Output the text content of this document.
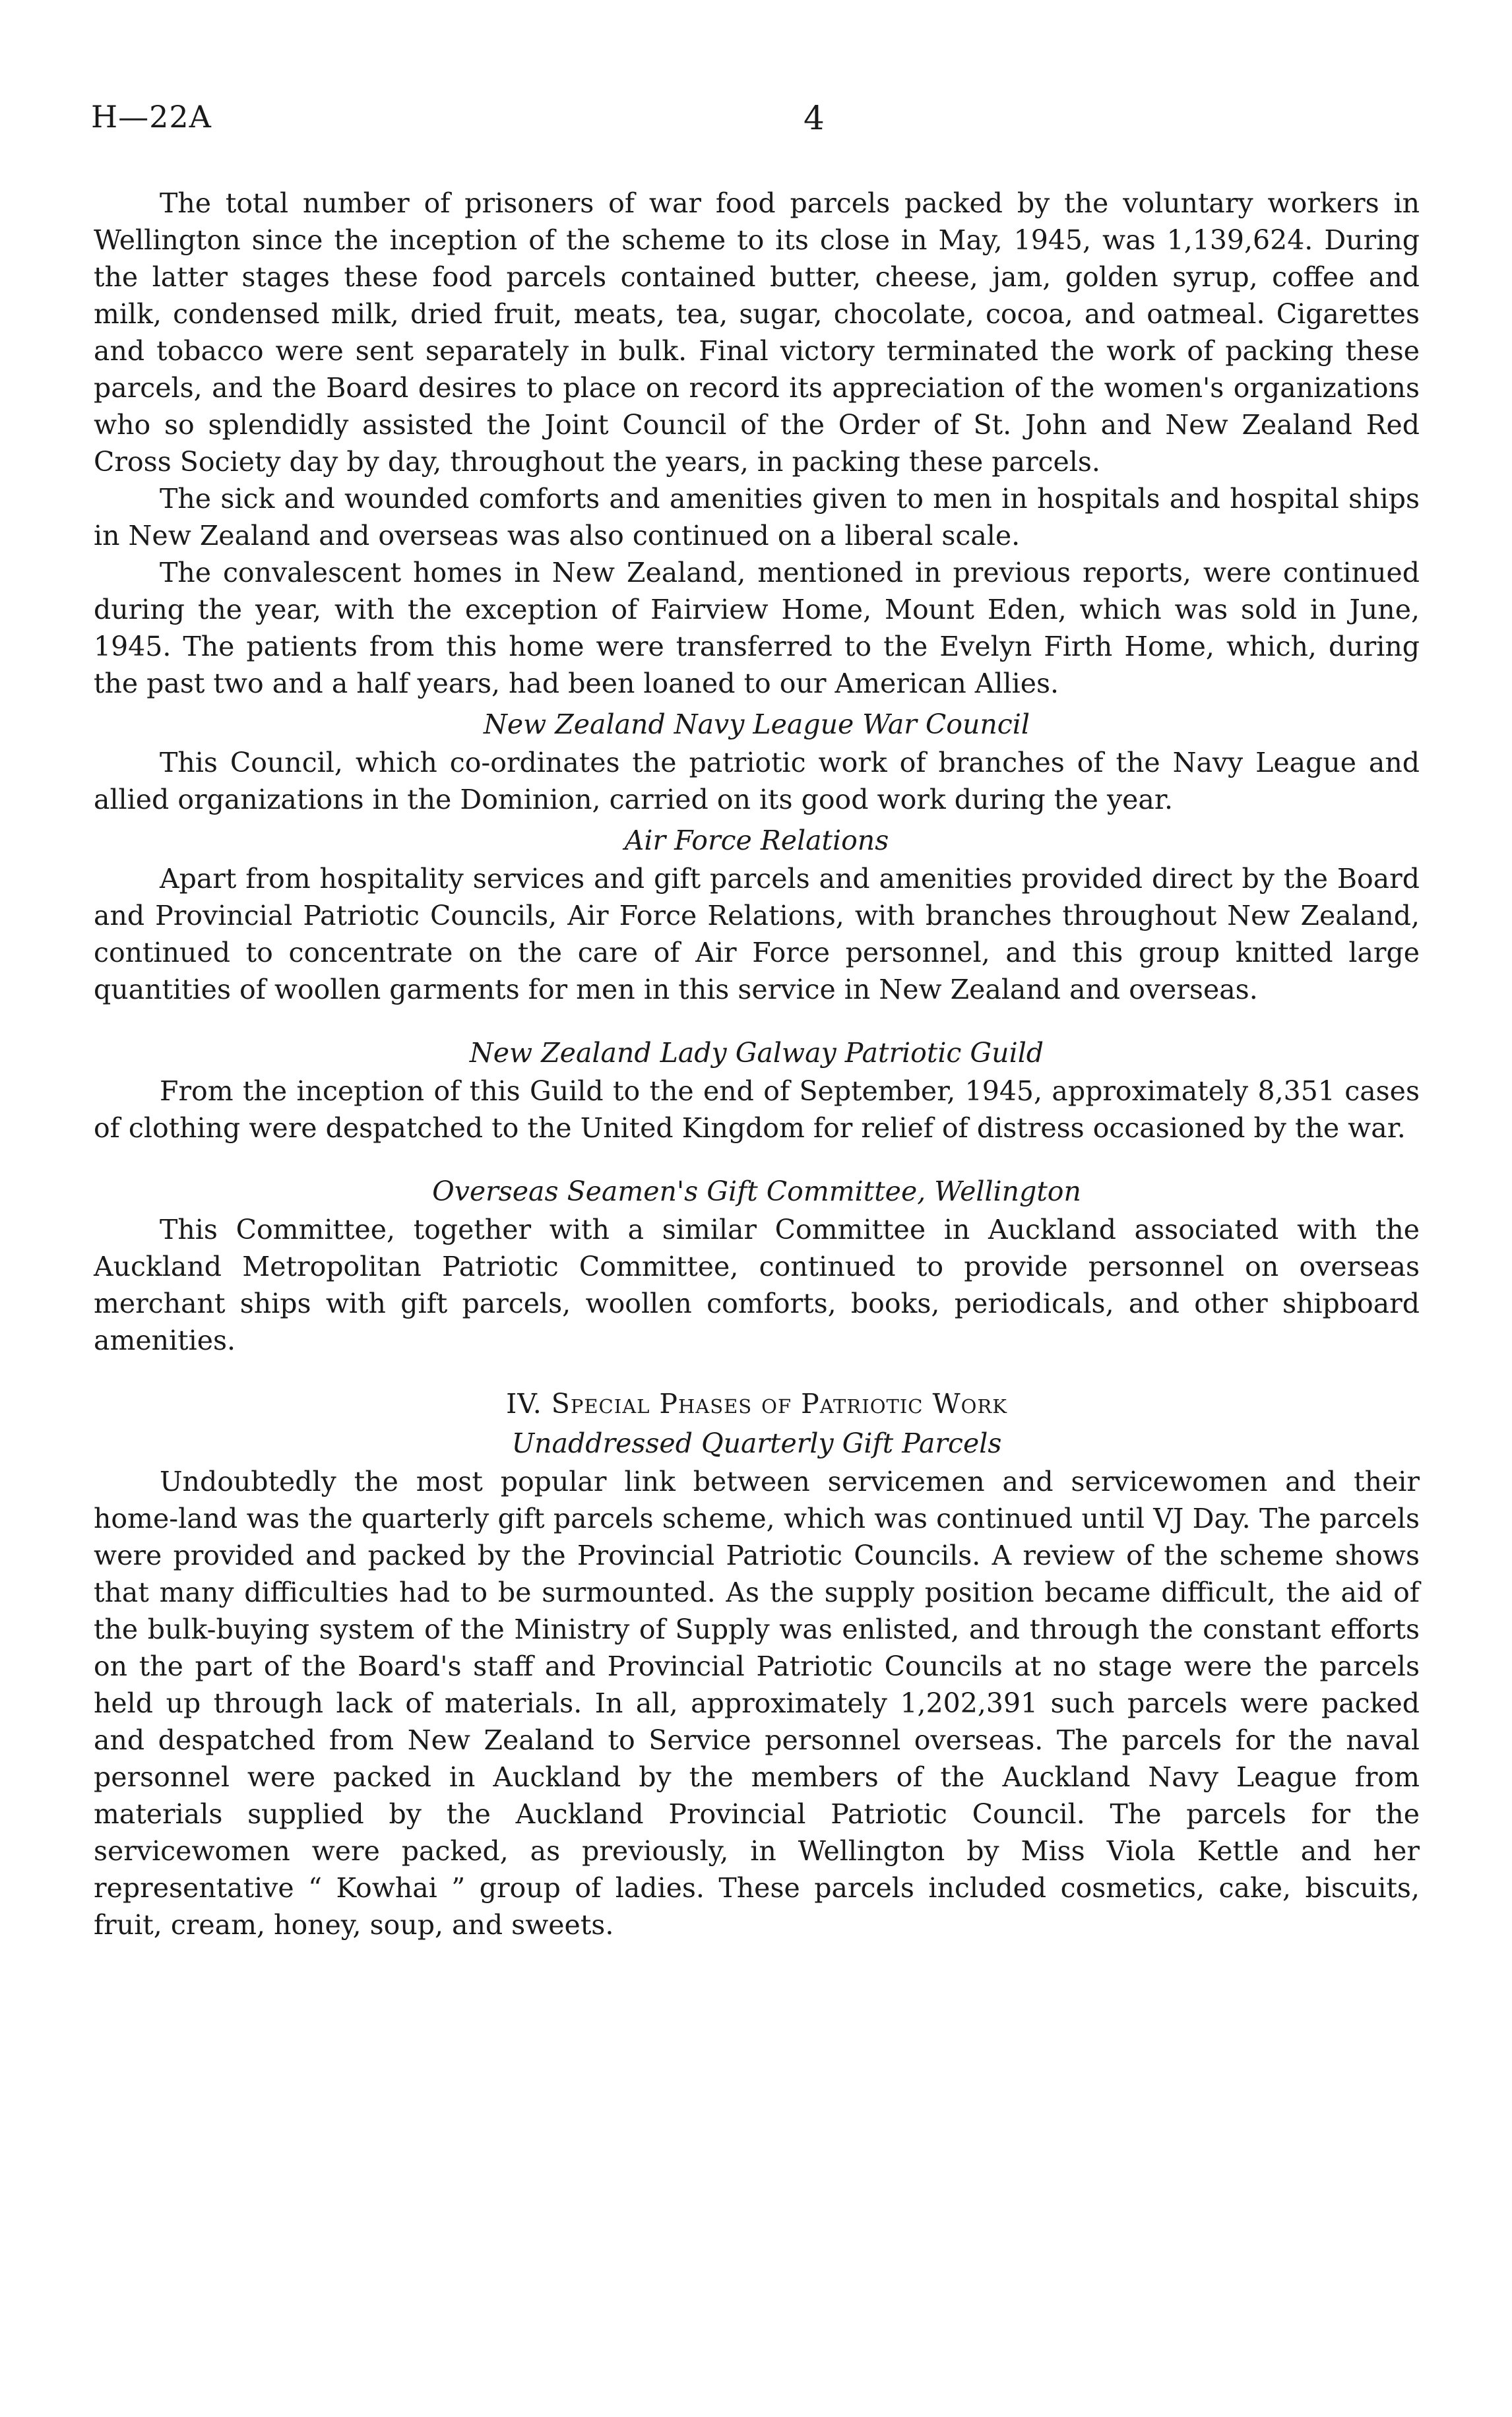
H—22A	4

The total number of prisoners of war food parcels packed by the voluntary workers in Wellington since the inception of the scheme to its close in May, 1945, was 1,139,624. During the latter stages these food parcels contained butter, cheese, jam, golden syrup, coffee and milk, condensed milk, dried fruit, meats, tea, sugar, chocolate, cocoa, and oatmeal. Cigarettes and tobacco were sent separately in bulk. Final victory terminated the work of packing these parcels, and the Board desires to place on record its appreciation of the women's organizations who so splendidly assisted the Joint Council of the Order of St. John and New Zealand Red Cross Society day by day, throughout the years, in packing these parcels.

The sick and wounded comforts and amenities given to men in hospitals and hospital ships in New Zealand and overseas was also continued on a liberal scale.

The convalescent homes in New Zealand, mentioned in previous reports, were continued during the year, with the exception of Fairview Home, Mount Eden, which was sold in June, 1945. The patients from this home were transferred to the Evelyn Firth Home, which, during the past two and a half years, had been loaned to our American Allies.

New Zealand Navy League War Council

This Council, which co-ordinates the patriotic work of branches of the Navy League and allied organizations in the Dominion, carried on its good work during the year.

Air Force Relations

Apart from hospitality services and gift parcels and amenities provided direct by the Board and Provincial Patriotic Councils, Air Force Relations, with branches throughout New Zealand, continued to concentrate on the care of Air Force personnel, and this group knitted large quantities of woollen garments for men in this service in New Zealand and overseas.

New Zealand Lady Galway Patriotic Guild

From the inception of this Guild to the end of September, 1945, approximately 8,351 cases of clothing were despatched to the United Kingdom for relief of distress occasioned by the war.

Overseas Seamen's Gift Committee, Wellington

This Committee, together with a similar Committee in Auckland associated with the Auckland Metropolitan Patriotic Committee, continued to provide personnel on overseas merchant ships with gift parcels, woollen comforts, books, periodicals, and other shipboard amenities.

IV. Special Phases of Patriotic Work
Unaddressed Quarterly Gift Parcels

Undoubtedly the most popular link between servicemen and servicewomen and their home-land was the quarterly gift parcels scheme, which was continued until VJ Day. The parcels were provided and packed by the Provincial Patriotic Councils. A review of the scheme shows that many difficulties had to be surmounted. As the supply position became difficult, the aid of the bulk-buying system of the Ministry of Supply was enlisted, and through the constant efforts on the part of the Board's staff and Provincial Patriotic Councils at no stage were the parcels held up through lack of materials. In all, approximately 1,202,391 such parcels were packed and despatched from New Zealand to Service personnel overseas. The parcels for the naval personnel were packed in Auckland by the members of the Auckland Navy League from materials supplied by the Auckland Provincial Patriotic Council. The parcels for the servicewomen were packed, as previously, in Wellington by Miss Viola Kettle and her representative “ Kowhai ” group of ladies. These parcels included cosmetics, cake, biscuits, fruit, cream, honey, soup, and sweets.
